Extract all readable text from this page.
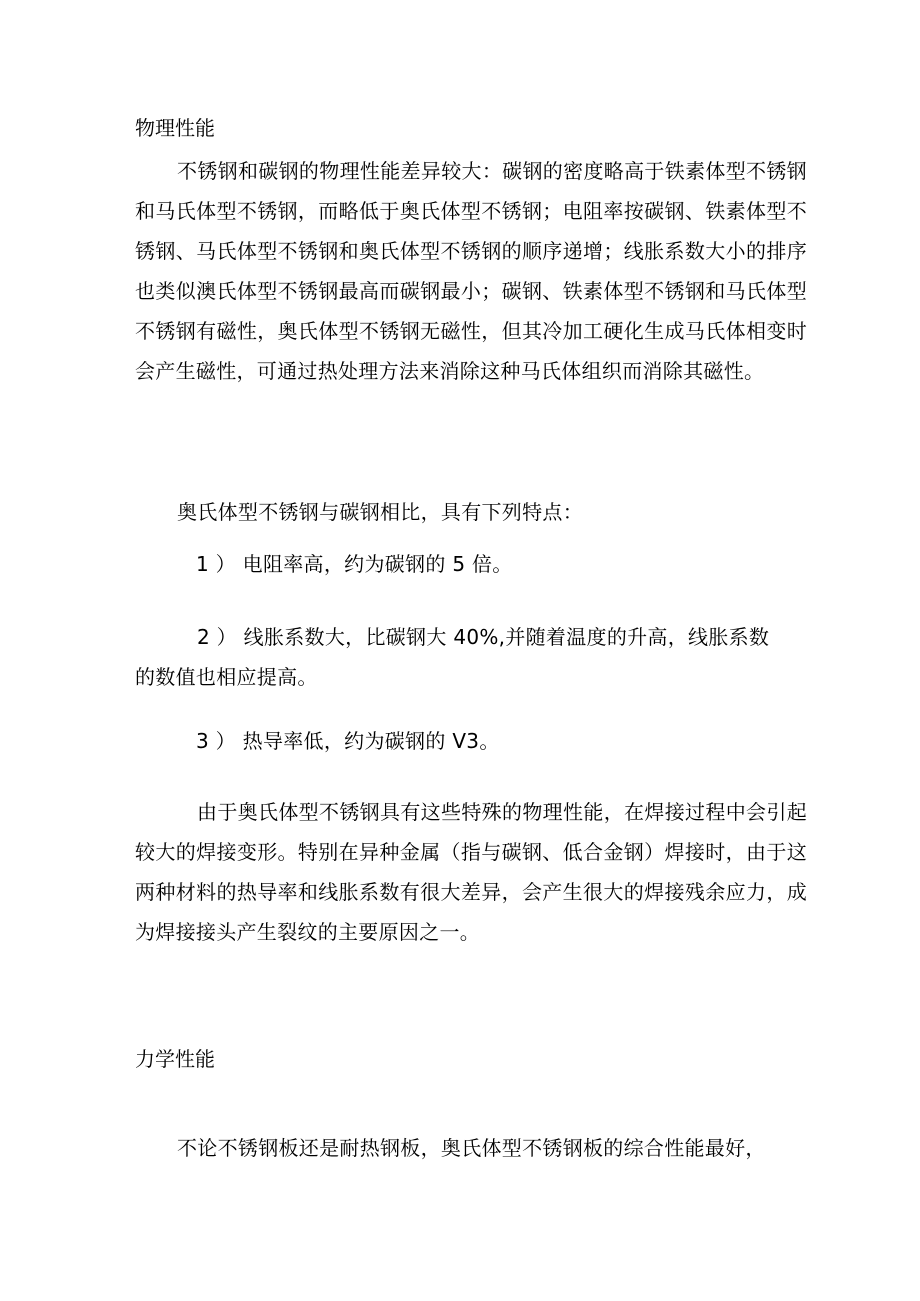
物理性能

不锈钢和碳钢的物理性能差异较大：碳钢的密度略高于铁素体型不锈钢和马氏体型不锈钢，而略低于奥氏体型不锈钢；电阻率按碳钢、铁素体型不锈钢、马氏体型不锈钢和奥氏体型不锈钢的顺序递增；线胀系数大小的排序也类似澳氏体型不锈钢最高而碳钢最小；碳钢、铁素体型不锈钢和马氏体型不锈钢有磁性，奥氏体型不锈钢无磁性，但其冷加工硬化生成马氏体相变时会产生磁性，可通过热处理方法来消除这种马氏体组织而消除其磁性。

奥氏体型不锈钢与碳钢相比，具有下列特点：
1 ） 电阻率高，约为碳钢的 5 倍。
2 ） 线胀系数大，比碳钢大 40%,并随着温度的升高，线胀系数
的数值也相应提高。
3 ） 热导率低，约为碳钢的 V3。

由于奥氏体型不锈钢具有这些特殊的物理性能，在焊接过程中会引起较大的焊接变形。特别在异种金属（指与碳钢、低合金钢）焊接时，由于这两种材料的热导率和线胀系数有很大差异，会产生很大的焊接残余应力，成为焊接接头产生裂纹的主要原因之一。

力学性能
不论不锈钢板还是耐热钢板，奥氏体型不锈钢板的综合性能最好，
